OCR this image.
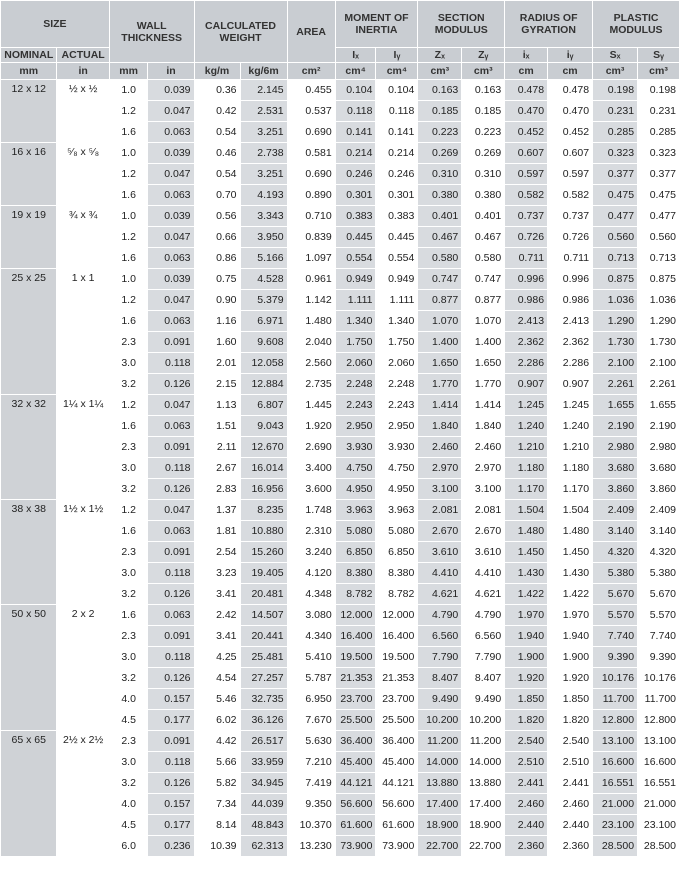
SIZE		WALL THICKNESS		CALCULATED WEIGHT		AREA	MOMENT OF INERTIA		SECTION MODULUS		RADIUS OF GYRATION		PLASTIC MODULUS	
NOMINAL	ACTUAL						Iₓ	Iᵧ	Zₓ	Zᵧ	iₓ	iᵧ	Sₓ	Sᵧ
mm	in	mm	in	kg/m	kg/6m	cm²	cm⁴	cm⁴	cm³	cm³	cm	cm	cm³	cm³
12 x 12	½ x ½	1.0	0.039	0.36	2.145	0.455	0.104	0.104	0.163	0.163	0.478	0.478	0.198	0.198
		1.2	0.047	0.42	2.531	0.537	0.118	0.118	0.185	0.185	0.470	0.470	0.231	0.231
		1.6	0.063	0.54	3.251	0.690	0.141	0.141	0.223	0.223	0.452	0.452	0.285	0.285
16 x 16	⁵⁄₈ x ⁵⁄₈	1.0	0.039	0.46	2.738	0.581	0.214	0.214	0.269	0.269	0.607	0.607	0.323	0.323
		1.2	0.047	0.54	3.251	0.690	0.246	0.246	0.310	0.310	0.597	0.597	0.377	0.377
		1.6	0.063	0.70	4.193	0.890	0.301	0.301	0.380	0.380	0.582	0.582	0.475	0.475
19 x 19	¾ x ¾	1.0	0.039	0.56	3.343	0.710	0.383	0.383	0.401	0.401	0.737	0.737	0.477	0.477
		1.2	0.047	0.66	3.950	0.839	0.445	0.445	0.467	0.467	0.726	0.726	0.560	0.560
		1.6	0.063	0.86	5.166	1.097	0.554	0.554	0.580	0.580	0.711	0.711	0.713	0.713
25 x 25	1 x 1	1.0	0.039	0.75	4.528	0.961	0.949	0.949	0.747	0.747	0.996	0.996	0.875	0.875
		1.2	0.047	0.90	5.379	1.142	1.111	1.111	0.877	0.877	0.986	0.986	1.036	1.036
		1.6	0.063	1.16	6.971	1.480	1.340	1.340	1.070	1.070	2.413	2.413	1.290	1.290
		2.3	0.091	1.60	9.608	2.040	1.750	1.750	1.400	1.400	2.362	2.362	1.730	1.730
		3.0	0.118	2.01	12.058	2.560	2.060	2.060	1.650	1.650	2.286	2.286	2.100	2.100
		3.2	0.126	2.15	12.884	2.735	2.248	2.248	1.770	1.770	0.907	0.907	2.261	2.261
32 x 32	1¼ x 1¼	1.2	0.047	1.13	6.807	1.445	2.243	2.243	1.414	1.414	1.245	1.245	1.655	1.655
		1.6	0.063	1.51	9.043	1.920	2.950	2.950	1.840	1.840	1.240	1.240	2.190	2.190
		2.3	0.091	2.11	12.670	2.690	3.930	3.930	2.460	2.460	1.210	1.210	2.980	2.980
		3.0	0.118	2.67	16.014	3.400	4.750	4.750	2.970	2.970	1.180	1.180	3.680	3.680
		3.2	0.126	2.83	16.956	3.600	4.950	4.950	3.100	3.100	1.170	1.170	3.860	3.860
38 x 38	1½ x 1½	1.2	0.047	1.37	8.235	1.748	3.963	3.963	2.081	2.081	1.504	1.504	2.409	2.409
		1.6	0.063	1.81	10.880	2.310	5.080	5.080	2.670	2.670	1.480	1.480	3.140	3.140
		2.3	0.091	2.54	15.260	3.240	6.850	6.850	3.610	3.610	1.450	1.450	4.320	4.320
		3.0	0.118	3.23	19.405	4.120	8.380	8.380	4.410	4.410	1.430	1.430	5.380	5.380
		3.2	0.126	3.41	20.481	4.348	8.782	8.782	4.621	4.621	1.422	1.422	5.670	5.670
50 x 50	2 x 2	1.6	0.063	2.42	14.507	3.080	12.000	12.000	4.790	4.790	1.970	1.970	5.570	5.570
		2.3	0.091	3.41	20.441	4.340	16.400	16.400	6.560	6.560	1.940	1.940	7.740	7.740
		3.0	0.118	4.25	25.481	5.410	19.500	19.500	7.790	7.790	1.900	1.900	9.390	9.390
		3.2	0.126	4.54	27.257	5.787	21.353	21.353	8.407	8.407	1.920	1.920	10.176	10.176
		4.0	0.157	5.46	32.735	6.950	23.700	23.700	9.490	9.490	1.850	1.850	11.700	11.700
		4.5	0.177	6.02	36.126	7.670	25.500	25.500	10.200	10.200	1.820	1.820	12.800	12.800
65 x 65	2½ x 2½	2.3	0.091	4.42	26.517	5.630	36.400	36.400	11.200	11.200	2.540	2.540	13.100	13.100
		3.0	0.118	5.66	33.959	7.210	45.400	45.400	14.000	14.000	2.510	2.510	16.600	16.600
		3.2	0.126	5.82	34.945	7.419	44.121	44.121	13.880	13.880	2.441	2.441	16.551	16.551
		4.0	0.157	7.34	44.039	9.350	56.600	56.600	17.400	17.400	2.460	2.460	21.000	21.000
		4.5	0.177	8.14	48.843	10.370	61.600	61.600	18.900	18.900	2.440	2.440	23.100	23.100
		6.0	0.236	10.39	62.313	13.230	73.900	73.900	22.700	22.700	2.360	2.360	28.500	28.500
